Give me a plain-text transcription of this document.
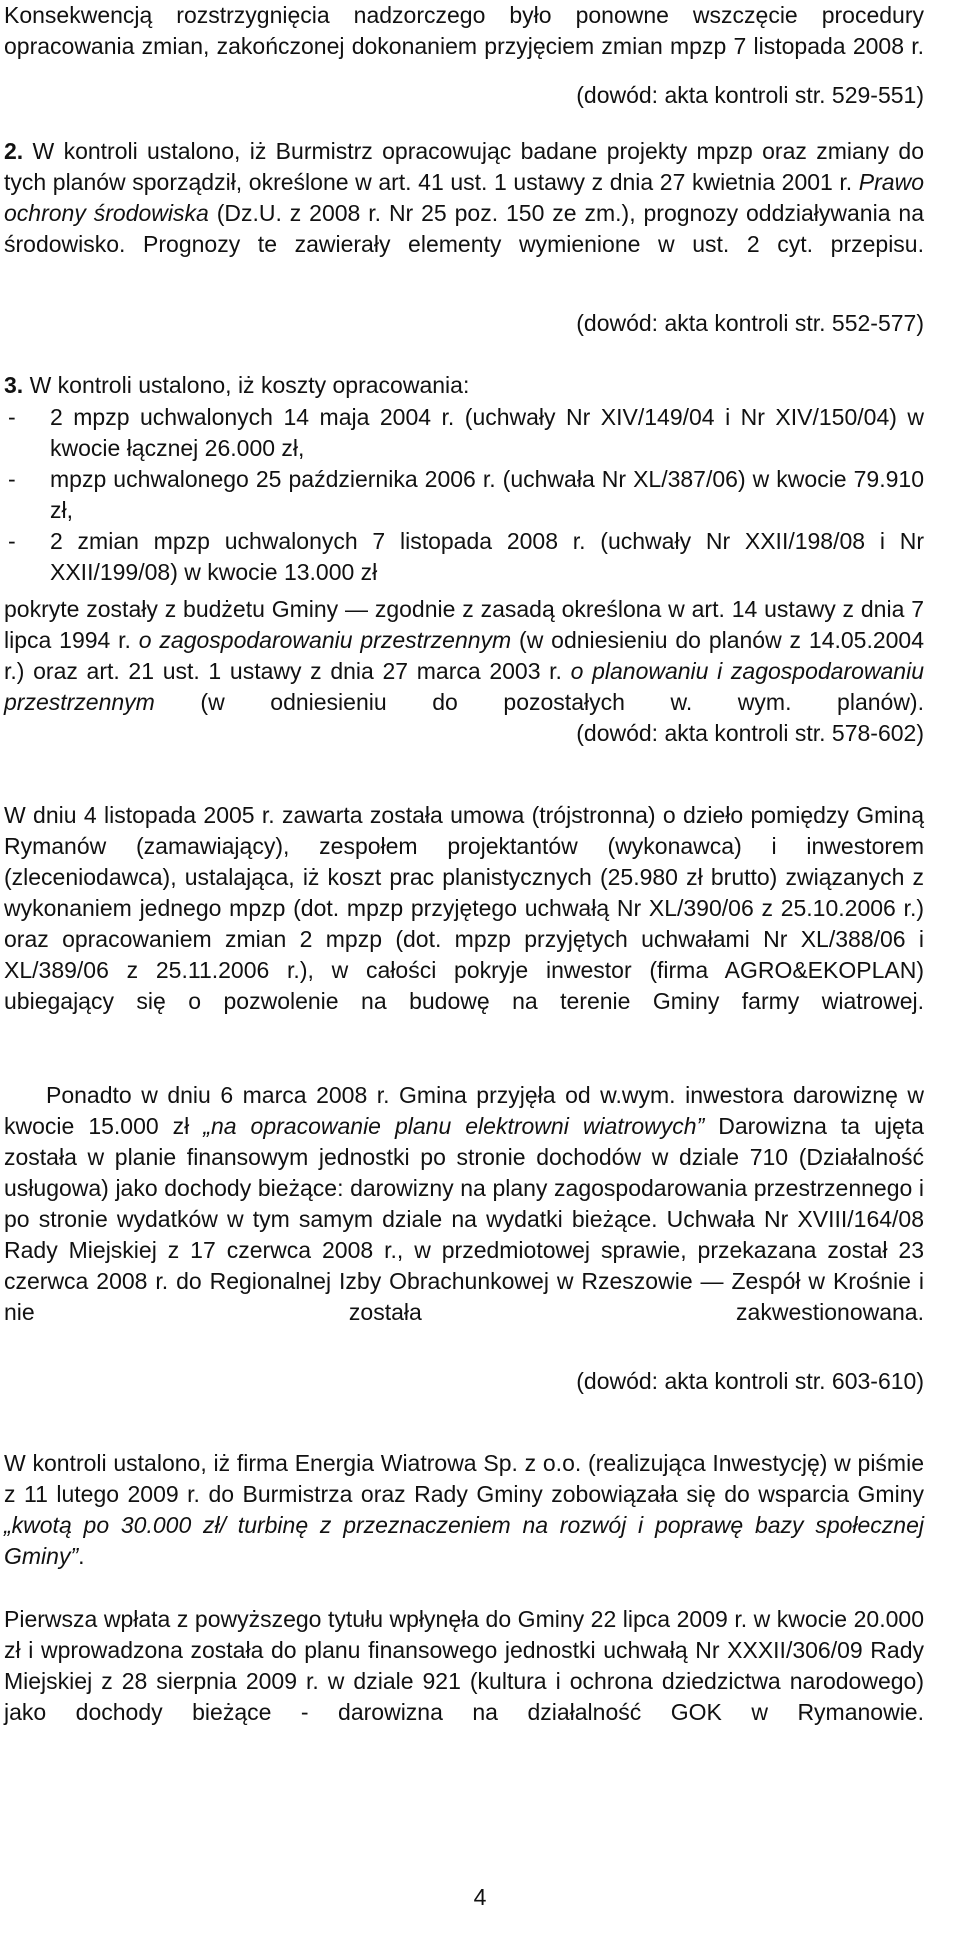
Konsekwencją rozstrzygnięcia nadzorczego było ponowne wszczęcie procedury opracowania zmian, zakończonej dokonaniem przyjęciem zmian mpzp 7 listopada 2008 r.

(dowód: akta kontroli str. 529-551)

2. W kontroli ustalono, iż Burmistrz opracowując badane projekty mpzp oraz zmiany do tych planów sporządził, określone w art. 41 ust. 1 ustawy z dnia 27 kwietnia 2001 r. Prawo ochrony środowiska (Dz.U. z 2008 r. Nr 25 poz. 150 ze zm.), prognozy oddziaływania na środowisko. Prognozy te zawierały elementy wymienione w ust. 2 cyt. przepisu.

(dowód: akta kontroli str. 552-577)

3. W kontroli ustalono, iż koszty opracowania:

- 2 mpzp uchwalonych 14 maja 2004 r. (uchwały Nr XIV/149/04 i Nr XIV/150/04) w kwocie łącznej 26.000 zł,
- mpzp uchwalonego 25 października 2006 r. (uchwała Nr XL/387/06) w kwocie 79.910 zł,
- 2 zmian mpzp uchwalonych 7 listopada 2008 r. (uchwały Nr XXII/198/08 i Nr XXII/199/08) w kwocie 13.000 zł

pokryte zostały z budżetu Gminy — zgodnie z zasadą określona w art. 14 ustawy z dnia 7 lipca 1994 r. o zagospodarowaniu przestrzennym (w odniesieniu do planów z 14.05.2004 r.) oraz art. 21 ust. 1 ustawy z dnia 27 marca 2003 r. o planowaniu i zagospodarowaniu przestrzennym (w odniesieniu do pozostałych w. wym. planów).

(dowód: akta kontroli str. 578-602)

W dniu 4 listopada 2005 r. zawarta została umowa (trójstronna) o dzieło pomiędzy Gminą Rymanów (zamawiający), zespołem projektantów (wykonawca) i inwestorem (zleceniodawca), ustalająca, iż koszt prac planistycznych (25.980 zł brutto) związanych z wykonaniem jednego mpzp (dot. mpzp przyjętego uchwałą Nr XL/390/06 z 25.10.2006 r.) oraz opracowaniem zmian 2 mpzp (dot. mpzp przyjętych uchwałami Nr XL/388/06 i XL/389/06 z 25.11.2006 r.), w całości pokryje inwestor (firma AGRO&EKOPLAN) ubiegający się o pozwolenie na budowę na terenie Gminy farmy wiatrowej.

Ponadto w dniu 6 marca 2008 r. Gmina przyjęła od w.wym. inwestora darowiznę w kwocie 15.000 zł „na opracowanie planu elektrowni wiatrowych” Darowizna ta ujęta została w planie finansowym jednostki po stronie dochodów w dziale 710 (Działalność usługowa) jako dochody bieżące: darowizny na plany zagospodarowania przestrzennego i po stronie wydatków w tym samym dziale na wydatki bieżące. Uchwała Nr XVIII/164/08 Rady Miejskiej z 17 czerwca 2008 r., w przedmiotowej sprawie, przekazana został 23 czerwca 2008 r. do Regionalnej Izby Obrachunkowej w Rzeszowie — Zespół w Krośnie i nie została zakwestionowana.

(dowód: akta kontroli str. 603-610)

W kontroli ustalono, iż firma Energia Wiatrowa Sp. z o.o. (realizująca Inwestycję) w piśmie z 11 lutego 2009 r. do Burmistrza oraz Rady Gminy zobowiązała się do wsparcia Gminy „kwotą po 30.000 zł/ turbinę z przeznaczeniem na rozwój i poprawę bazy społecznej Gminy”.

Pierwsza wpłata z powyższego tytułu wpłynęła do Gminy 22 lipca 2009 r. w kwocie 20.000 zł i wprowadzona została do planu finansowego jednostki uchwałą Nr XXXII/306/09 Rady Miejskiej z 28 sierpnia 2009 r. w dziale 921 (kultura i ochrona dziedzictwa narodowego) jako dochody bieżące - darowizna na działalność GOK w Rymanowie.

4
